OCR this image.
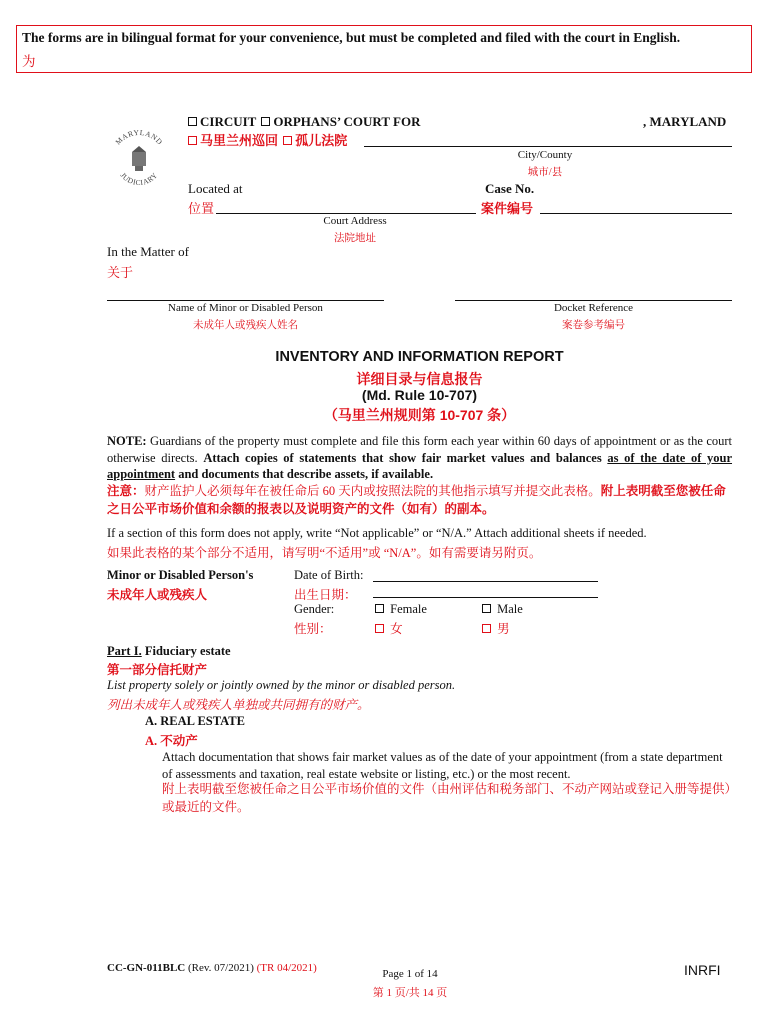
The forms are in bilingual format for your convenience, but must be completed and filed with the court in English.
为
MARYLAND
JUDICIARY
CIRCUIT ORPHANS’ COURT FOR	, MARYLAND
马里兰州巡回 孤儿法院
City/County
城市/县
Located at
位置
Court Address
法院地址
Case No.
案件编号
In the Matter of
关于
Name of Minor or Disabled Person
未成年人或残疾人姓名
Docket Reference
案卷参考编号
INVENTORY AND INFORMATION REPORT
详细目录与信息报告
(Md. Rule 10-707)
（马里兰州规则第 10-707 条）
NOTE: Guardians of the property must complete and file this form each year within 60 days of appointment or as the court otherwise directs. Attach copies of statements that show fair market values and balances as of the date of your appointment and documents that describe assets, if available.
注意：财产监护人必须每年在被任命后 60 天内或按照法院的其他指示填写并提交此表格。附上表明截至您被任命之日公平市场价值和余额的报表以及说明资产的文件（如有）的副本。
If a section of this form does not apply, write “Not applicable” or “N/A.” Attach additional sheets if needed.
如果此表格的某个部分不适用，请写明“不适用”或 “N/A”。如有需要请另附页。
Minor or Disabled Person's
未成年人或残疾人
Date of Birth:
出生日期：
Gender:
性别：
Female
女
Male
男
Part I. Fiduciary estate
第一部分信托财产
List property solely or jointly owned by the minor or disabled person.
列出未成年人或残疾人单独或共同拥有的财产。
A. REAL ESTATE
A. 不动产
Attach documentation that shows fair market values as of the date of your appointment (from a state department of assessments and taxation, real estate website or listing, etc.) or the most recent.
附上表明截至您被任命之日公平市场价值的文件（由州评估和税务部门、不动产网站或登记入册等提供）或最近的文件。
CC-GN-011BLC (Rev. 07/2021) (TR 04/2021)	Page 1 of 14
第 1 页/共 14 页
INRFI
